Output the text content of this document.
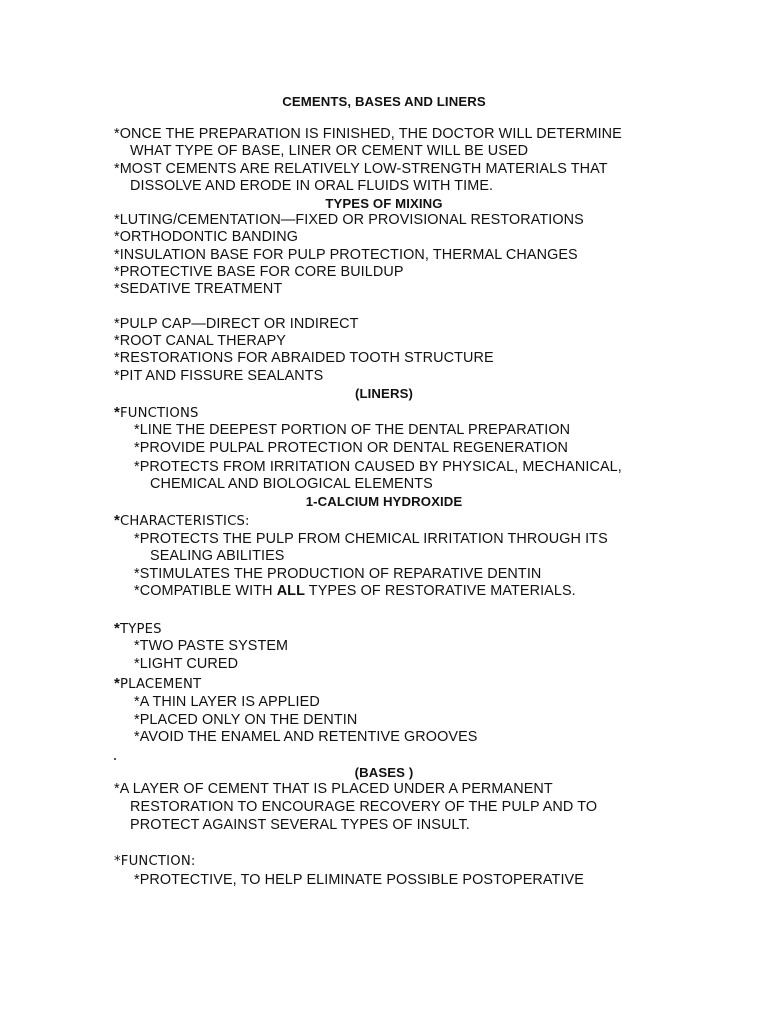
CEMENTS, BASES AND LINERS
*ONCE THE PREPARATION IS FINISHED, THE DOCTOR WILL DETERMINE
WHAT TYPE OF BASE, LINER OR CEMENT WILL BE USED
*MOST CEMENTS ARE RELATIVELY LOW-STRENGTH MATERIALS THAT
DISSOLVE AND ERODE IN ORAL FLUIDS WITH TIME.
TYPES OF MIXING
*LUTING/CEMENTATION—FIXED OR PROVISIONAL RESTORATIONS
*ORTHODONTIC BANDING
*INSULATION BASE FOR PULP PROTECTION, THERMAL CHANGES
*PROTECTIVE BASE FOR CORE BUILDUP
*SEDATIVE TREATMENT
*PULP CAP—DIRECT OR INDIRECT
*ROOT CANAL THERAPY
*RESTORATIONS FOR ABRAIDED TOOTH STRUCTURE
*PIT AND FISSURE SEALANTS
(LINERS)
*FUNCTIONS
*LINE THE DEEPEST PORTION OF THE DENTAL PREPARATION
*PROVIDE PULPAL PROTECTION OR DENTAL REGENERATION
*PROTECTS FROM IRRITATION CAUSED BY PHYSICAL, MECHANICAL,
CHEMICAL AND BIOLOGICAL ELEMENTS
1-CALCIUM HYDROXIDE
*CHARACTERISTICS:
*PROTECTS THE PULP FROM CHEMICAL IRRITATION THROUGH ITS
SEALING ABILITIES
*STIMULATES THE PRODUCTION OF REPARATIVE DENTIN
*COMPATIBLE WITH ALL TYPES OF RESTORATIVE MATERIALS.
*TYPES
*TWO PASTE SYSTEM
*LIGHT CURED
*PLACEMENT
*A THIN LAYER IS APPLIED
*PLACED ONLY ON THE DENTIN
*AVOID THE ENAMEL AND RETENTIVE GROOVES
(BASES )
*A LAYER OF CEMENT THAT IS PLACED UNDER A PERMANENT
RESTORATION TO ENCOURAGE RECOVERY OF THE PULP AND TO
PROTECT AGAINST SEVERAL TYPES OF INSULT.
*FUNCTION:
*PROTECTIVE, TO HELP ELIMINATE POSSIBLE POSTOPERATIVE
